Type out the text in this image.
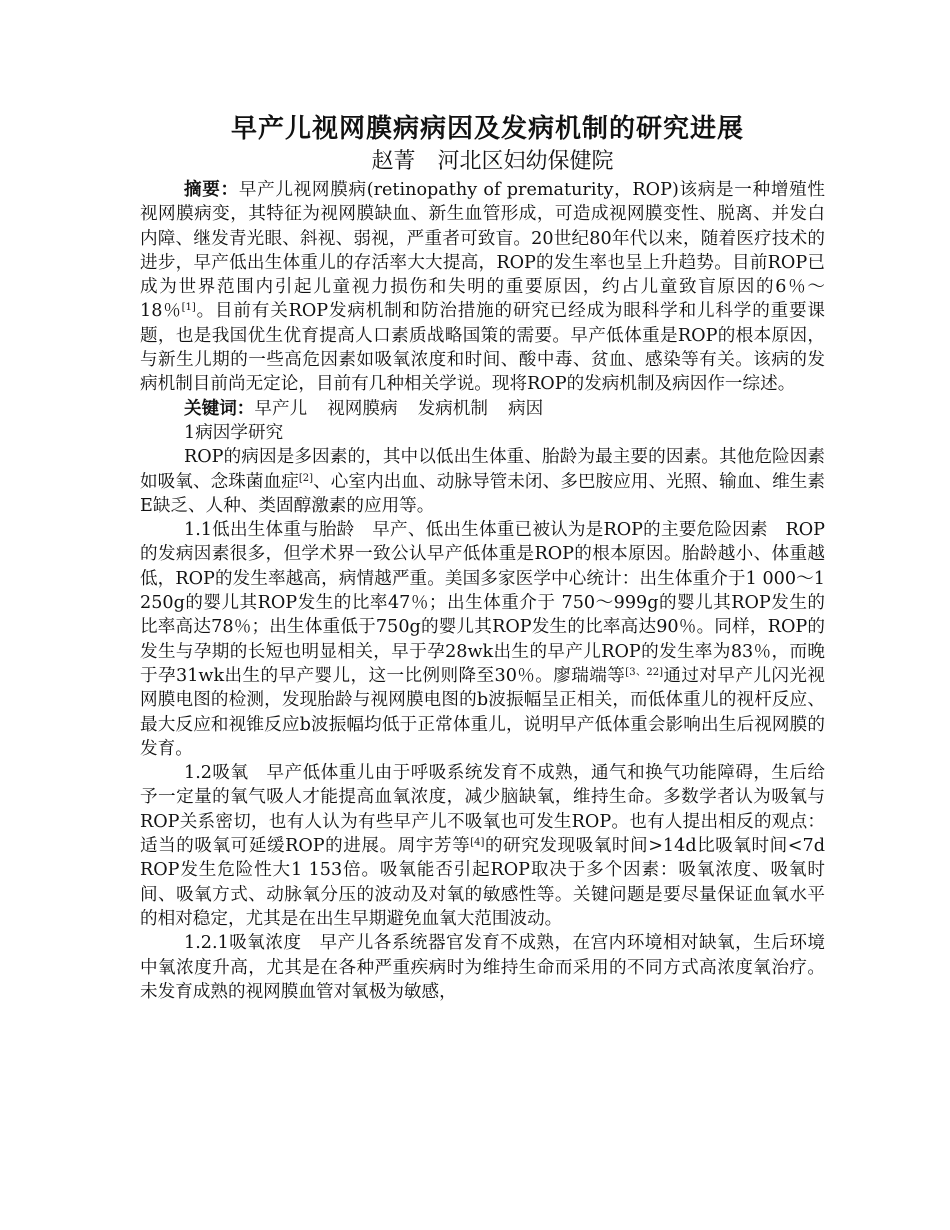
早产儿视网膜病病因及发病机制的研究进展
赵菁 河北区妇幼保健院

摘要：早产儿视网膜病(retinopathy of prematurity，ROP)该病是一种增殖性视网膜病变，其特征为视网膜缺血、新生血管形成，可造成视网膜变性、脱离、并发白内障、继发青光眼、斜视、弱视，严重者可致盲。20世纪80年代以来，随着医疗技术的进步，早产低出生体重儿的存活率大大提高，ROP的发生率也呈上升趋势。目前ROP已成为世界范围内引起儿童视力损伤和失明的重要原因，约占儿童致盲原因的6％～18％[1]。目前有关ROP发病机制和防治措施的研究已经成为眼科学和儿科学的重要课题，也是我国优生优育提高人口素质战略国策的需要。早产低体重是ROP的根本原因，与新生儿期的一些高危因素如吸氧浓度和时间、酸中毒、贫血、感染等有关。该病的发病机制目前尚无定论，目前有几种相关学说。现将ROP的发病机制及病因作一综述。

关键词：早产儿 视网膜病 发病机制 病因

1病因学研究

ROP的病因是多因素的，其中以低出生体重、胎龄为最主要的因素。其他危险因素如吸氧、念珠菌血症[2]、心室内出血、动脉导管未闭、多巴胺应用、光照、输血、维生素E缺乏、人种、类固醇激素的应用等。

1.1低出生体重与胎龄　早产、低出生体重已被认为是ROP的主要危险因素　ROP的发病因素很多，但学术界一致公认早产低体重是ROP的根本原因。胎龄越小、体重越低，ROP的发生率越高，病情越严重。美国多家医学中心统计：出生体重介于1 000～1 250g的婴儿其ROP发生的比率47％；出生体重介于 750～999g的婴儿其ROP发生的比率高达78％；出生体重低于750g的婴儿其ROP发生的比率高达90％。同样，ROP的发生与孕期的长短也明显相关，早于孕28wk出生的早产儿ROP的发生率为83％，而晚于孕31wk出生的早产婴儿，这一比例则降至30％。廖瑞端等[3、22]通过对早产儿闪光视网膜电图的检测，发现胎龄与视网膜电图的b波振幅呈正相关，而低体重儿的视杆反应、最大反应和视锥反应b波振幅均低于正常体重儿，说明早产低体重会影响出生后视网膜的发育。

1.2吸氧　早产低体重儿由于呼吸系统发育不成熟，通气和换气功能障碍，生后给予一定量的氧气吸人才能提高血氧浓度，减少脑缺氧，维持生命。多数学者认为吸氧与ROP关系密切，也有人认为有些早产儿不吸氧也可发生ROP。也有人提出相反的观点：适当的吸氧可延缓ROP的进展。周宇芳等[4]的研究发现吸氧时间>14d比吸氧时间<7d ROP发生危险性大1 153倍。吸氧能否引起ROP取决于多个因素：吸氧浓度、吸氧时间、吸氧方式、动脉氧分压的波动及对氧的敏感性等。关键问题是要尽量保证血氧水平的相对稳定，尤其是在出生早期避免血氧大范围波动。

1.2.1吸氧浓度　早产儿各系统器官发育不成熟，在宫内环境相对缺氧，生后环境中氧浓度升高，尤其是在各种严重疾病时为维持生命而采用的不同方式高浓度氧治疗。未发育成熟的视网膜血管对氧极为敏感，
